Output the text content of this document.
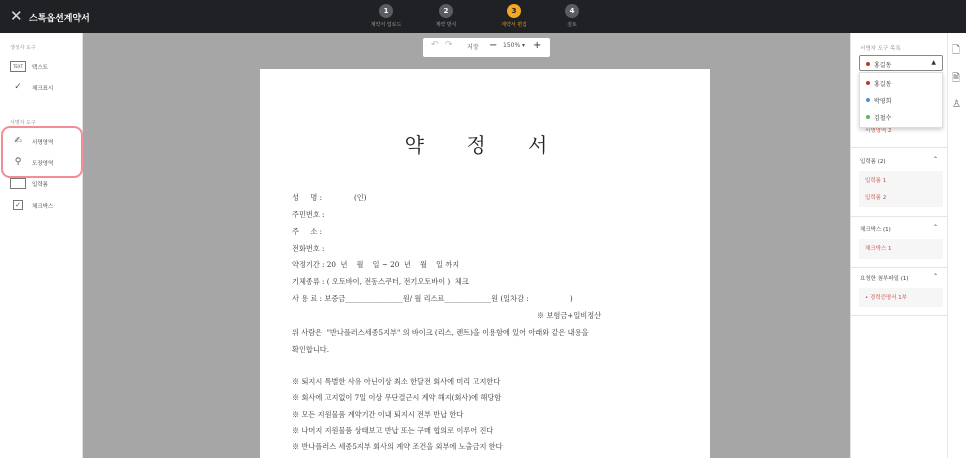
✕ 스톡옵션계약서
1
계약서 업로드
2
계약 방식
3
계약서 편집
4
검토
생성자 도구
TEXT	텍스트
✓	체크표시
서명자 도구
✍	서명영역
⚲	도장영역
입력폼
✓	체크박스
↶ ↷ 저장 − 150% ▾ +
약 정 서
성     명 :              (인)
주민번호 :
주     소 :
전화번호 :
약정기간 : 20  년    월    일 ~ 20  년    월    일 까지
기체종류 : ( 오토바이, 전동스쿠터, 전기오토바이 )  체크
사 용 료 : 보증금________________원/ 월 리스료_____________원 (일차감 :                  )
※ 보험금+일비정산
위 사람은  "반나플러스세종5지부" 의 바이크 (리스, 렌트)을 이용함에 있어 아래와 같은 내용을
확인합니다.
※ 퇴지시 특별한 사유 아닌이상 최소 한달전 회사에 미리 고지한다
※ 회사에 고지없이 7일 이상 무단결근시 계약 해지(회사)에 해당함
※ 모든 지원물품 계약기간 이내 퇴지시 전부 반납 한다
※ 나머지 지원물품 상태보고 반납 또는 구매 협의로 이루어 진다
※ 반나플러스 세종5지부 회사의 계약 조건을 외부에 노출금지 한다
서명자 도구 목록
홍길동	▲
홍길동
박영희
김철수
서명영역 2
입력폼 (2)	⌃
입력폼 1
입력폼 2
체크박스 (1)	⌃
체크박스 1
요청한 첨부파일 (1)	⌃
• 경력증명서 1부
🗋
🗎
♙
